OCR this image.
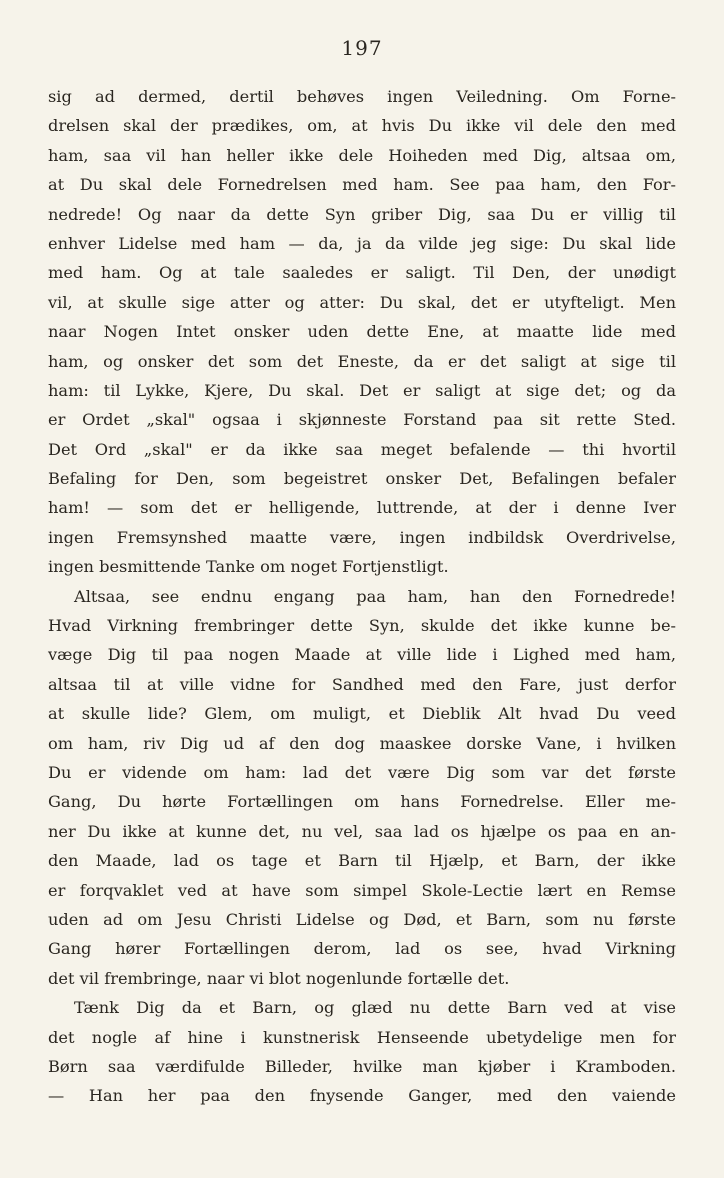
197
sig ad dermed, dertil behøves ingen Veiledning. Om Forne-
drelsen skal der prædikes, om, at hvis Du ikke vil dele den med
ham, saa vil han heller ikke dele Hoiheden med Dig, altsaa om,
at Du skal dele Fornedrelsen med ham. See paa ham, den For-
nedrede! Og naar da dette Syn griber Dig, saa Du er villig til
enhver Lidelse med ham — da, ja da vilde jeg sige: Du skal lide
med ham. Og at tale saaledes er saligt. Til Den, der unødigt
vil, at skulle sige atter og atter: Du skal, det er utyfteligt. Men
naar Nogen Intet onsker uden dette Ene, at maatte lide med
ham, og onsker det som det Eneste, da er det saligt at sige til
ham: til Lykke, Kjere, Du skal. Det er saligt at sige det; og da
er Ordet „skal" ogsaa i skjønneste Forstand paa sit rette Sted.
Det Ord „skal" er da ikke saa meget befalende — thi hvortil
Befaling for Den, som begeistret onsker Det, Befalingen befaler
ham! — som det er helligende, luttrende, at der i denne Iver
ingen Fremsynshed maatte være, ingen indbildsk Overdrivelse,
ingen besmittende Tanke om noget Fortjenstligt.
Altsaa, see endnu engang paa ham, han den Fornedrede!
Hvad Virkning frembringer dette Syn, skulde det ikke kunne be-
væge Dig til paa nogen Maade at ville lide i Lighed med ham,
altsaa til at ville vidne for Sandhed med den Fare, just derfor
at skulle lide? Glem, om muligt, et Dieblik Alt hvad Du veed
om ham, riv Dig ud af den dog maaskee dorske Vane, i hvilken
Du er vidende om ham: lad det være Dig som var det første
Gang, Du hørte Fortællingen om hans Fornedrelse. Eller me-
ner Du ikke at kunne det, nu vel, saa lad os hjælpe os paa en an-
den Maade, lad os tage et Barn til Hjælp, et Barn, der ikke
er forqvaklet ved at have som simpel Skole-Lectie lært en Remse
uden ad om Jesu Christi Lidelse og Død, et Barn, som nu første
Gang hører Fortællingen derom, lad os see, hvad Virkning
det vil frembringe, naar vi blot nogenlunde fortælle det.
Tænk Dig da et Barn, og glæd nu dette Barn ved at vise
det nogle af hine i kunstnerisk Henseende ubetydelige men for
Børn saa værdifulde Billeder, hvilke man kjøber i Kramboden.
— Han her paa den fnysende Ganger, med den vaiende
